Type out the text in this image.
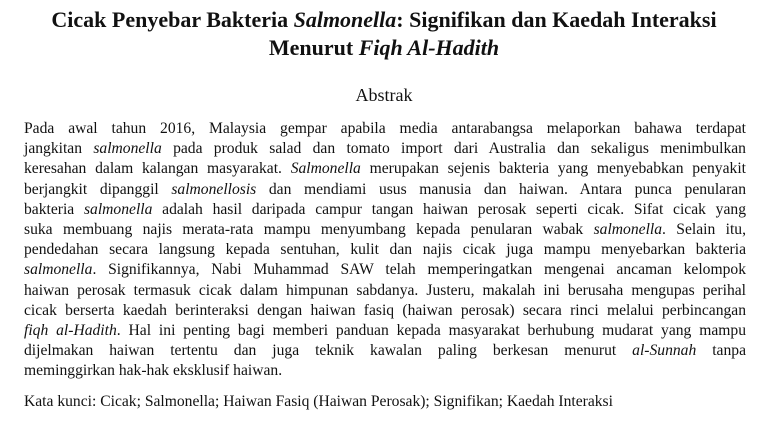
Cicak Penyebar Bakteria Salmonella: Signifikan dan Kaedah Interaksi
Menurut Fiqh Al-Hadith
Abstrak
Pada awal tahun 2016, Malaysia gempar apabila media antarabangsa melaporkan bahawa terdapat
jangkitan salmonella pada produk salad dan tomato import dari Australia dan sekaligus menimbulkan
keresahan dalam kalangan masyarakat. Salmonella merupakan sejenis bakteria yang menyebabkan penyakit
berjangkit dipanggil salmonellosis dan mendiami usus manusia dan haiwan. Antara punca penularan
bakteria salmonella adalah hasil daripada campur tangan haiwan perosak seperti cicak. Sifat cicak yang
suka membuang najis merata-rata mampu menyumbang kepada penularan wabak salmonella. Selain itu,
pendedahan secara langsung kepada sentuhan, kulit dan najis cicak juga mampu menyebarkan bakteria
salmonella. Signifikannya, Nabi Muhammad SAW telah memperingatkan mengenai ancaman kelompok
haiwan perosak termasuk cicak dalam himpunan sabdanya. Justeru, makalah ini berusaha mengupas perihal
cicak berserta kaedah berinteraksi dengan haiwan fasiq (haiwan perosak) secara rinci melalui perbincangan
fiqh al-Hadith. Hal ini penting bagi memberi panduan kepada masyarakat berhubung mudarat yang mampu
dijelmakan haiwan tertentu dan juga teknik kawalan paling berkesan menurut al-Sunnah tanpa
meminggirkan hak-hak eksklusif haiwan.
Kata kunci: Cicak; Salmonella; Haiwan Fasiq (Haiwan Perosak); Signifikan; Kaedah Interaksi
